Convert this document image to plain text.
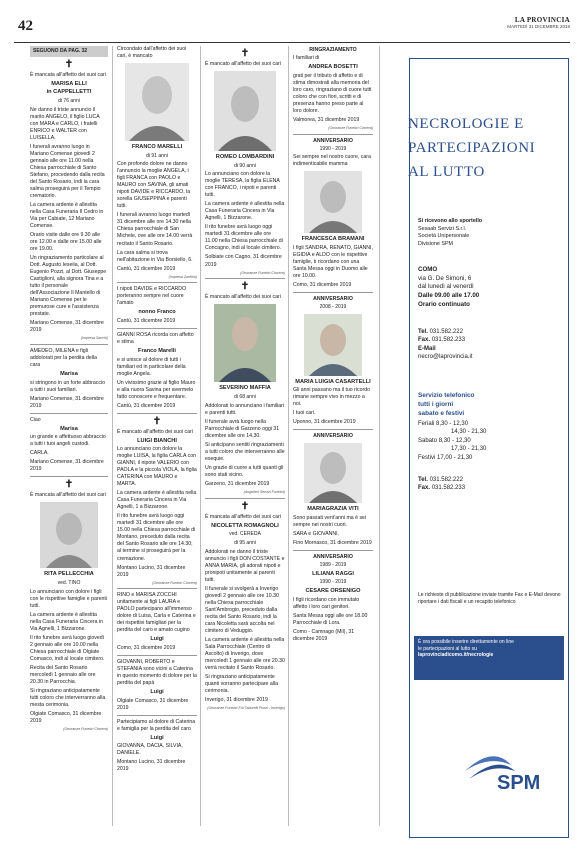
42	LA PROVINCIA
MARTEDÌ 31 DICEMBRE 2019
SEGUONO DA PAG. 32
✝

È mancata all'affetto dei suoi cari

MARISA ELLI
in CAPPELLETTI
di 76 anni

Ne danno il triste annuncio il marito ANGELO, il figlio LUCA con MARA e CARLO, i fratelli ENRICO e WALTER con LUISELLA.

I funerali avranno luogo in Mariano Comense giovedì 2 gennaio alle ore 11.00 nella Chiesa parrocchiale di Santo Stefano, procedendo dalla recita del Santo Rosario, indi la cara salma proseguirà per il Tempio crematorio.

La camera ardente è allestita nella Casa Funeraria Il Cedro in Via per Cabiate, 12 Mariano Comense.

Orario visite dalle ore 9.30 alle ore 12.00 e dalle ore 15.00 alle ore 19.00.

Un ringraziamento particolare al Dott. Augusto Ieseila, al Dott. Eugenio Pozzi, al Dott. Giuseppe Castiglioni, alla signora Tina e a tutto il personale dell'Associazione Il Mantello di Mariano Comense per le premurose cure e l'assistenza prestate.

Mariano Comense, 31 dicembre 2019

(Impresa Sacchi)

AMEDEO, MILENA e figli addolorati per la perdita della cara

Marisa

si stringono in un forte abbraccio a tutti i suoi familiari.

Mariano Comense, 31 dicembre 2019

Ciao

Marisa

un grande e affettuoso abbraccio a tutti i tuoi angeli custodi.

CARLA.

Mariano Comense, 31 dicembre 2019

✝

È mancata all'affetto dei suoi cari

RITA PELLECCHIA
ved. TINO

Lo annunciano con dolore i figli con le rispettive famiglie e parenti tutti.

La camera ardente è allestita nella Casa Funeraria Cincera in Via Agnelli, 1 Bizzarone.

Il rito funebre avrà luogo giovedì 2 gennaio alle ore 10.00 nella Chiesa parrocchiale di Olgiate Comasco, indi al locale cimitero.

Recita del Santo Rosario mercoledì 1 gennaio alle ore 20.30 in Parrocchia.

Si ringraziano anticipatamente tutti coloro che interverranno alla mesta cerimonia.

Olgiate Comasco, 31 dicembre 2019

(Onoranze Funebri Cincera)

Circondato dall'affetto dei suoi cari, è mancato

FRANCO MARELLI
di 91 anni

Con profondo dolore ne danno l'annuncio la moglie ANGELA, i figli FRANCA con PAOLO e MAURO con SAVINA, gli amati nipoti DAVIDE e RICCARDO, la sorella GIUSEPPINA e parenti tutti.

I funerali avranno luogo martedì 31 dicembre alle ore 14.30 nella Chiesa parrocchiale di San Michele, ove alle ore 14.00 verrà recitato il Santo Rosario.

La cara salma si trova nell'abitazione in Via Borsiello, 6.

Cantù, 31 dicembre 2019

(Impresa Zanfrini)

I nipoti DAVIDE e RICCARDO porteranno sempre nel cuore l'amato

nonno Franco

Cantù, 31 dicembre 2019

GIANNI ROSA ricorda con affetto e stima

Franco Marelli

e si unisce al dolore di tutti i familiari ed in particolare della moglie Angela.

Un vivissimo grazie al figlio Mauro e alla nuora Savina per avermelo fatto conoscere e frequentare.

Cantù, 31 dicembre 2019

✝

È mancato all'affetto dei suoi cari

LUIGI BIANCHI

Lo annunciano con dolore la moglie LUISA, la figlia CARLA con GIANNI, il nipote VALERIO con PAOLA e la piccola VIOLA, la figlia CATERINA con MAURO e MARTA.

La camera ardente è allestita nella Casa Funeraria Cincera in Via Agnelli, 1 a Bizzarone.

Il rito funebre avrà luogo oggi martedì 31 dicembre alle ore 15.00 nella Chiesa parrocchiale di Montano, preceduto dalla recita del Santo Rosario alle ore 14.30; al termine si proseguirà per la cremazione.

Montano Lucino, 31 dicembre 2019

(Onoranze Funebri Cincera)

RINO e MARISA ZOCCHI unitamente ai figli LAURA e PAOLO partecipano all'immenso dolore di Luisa, Carla e Caterina e dei rispettivi famigliari per la perdita del caro e amato cugino

Luigi

Como, 31 dicembre 2019

GIOVANNI, ROBERTO e STEFANIA sono vicini a Caterina in questo momento di dolore per la perdita del papà

Luigi

Olgiate Comasco, 31 dicembre 2019

Partecipiamo al dolore di Caterina e famiglia per la perdita del caro

Luigi

GIOVANNA, DACIA, SILVIA, DANIELE.

Montano Lucino, 31 dicembre 2019

✝

È mancato all'affetto dei suoi cari

ROMEO LOMBARDINI
di 90 anni

Lo annunciano con dolore la moglie TERESA, la figlia ELENA con FRANCO, i nipoti e parenti tutti.

La camera ardente è allestita nella Casa Funeraria Cincera in Via Agnelli, 1 Bizzarone.

Il rito funebre avrà luogo oggi martedì 31 dicembre alle ore 11.00 nella Chiesa parrocchiale di Concagno, indi al locale cimitero.

Solbiate con Cagno, 31 dicembre 2019

(Onoranze Funebri Cincera)
✝

È mancato all'affetto dei suoi cari

SEVERINO MAFFIA
di 68 anni

Addolorati lo annunciano i familiari e parenti tutti.

Il funerale avrà luogo nella Parrocchiale di Garzeno oggi 31 dicembre alle ore 14.30.

Si anticipano sentiti ringraziamenti a tutti coloro che interverranno alle esequie.

Un grazie di cuore a tutti quanti gli sono stati vicino.

Garzeno, 31 dicembre 2019

(Anghileri Servizi Funebri)
✝

È mancata all'affetto dei suoi cari

NICOLETTA ROMAGNOLI
ved. CEREDA
di 95 anni

Addolorati ne danno il triste annuncio i figli DON COSTANTE e ANNA MARIA, gli adorati nipoti e pronipoti unitamente ai parenti tutti.

Il funerale si svolgerà a Inverigo giovedì 2 gennaio alle ore 10.30 nella Chiesa parrocchiale Sant'Ambrogio, preceduto dalla recita del Santo Rosario, indi la cara Nicoletta sarà accolta nel cimitero di Veduggio.

La camera ardente è allestita nella Sala Parrocchiale (Centro di Ascolto) di Inverigo, dove mercoledì 1 gennaio alle ore 20.30 verrà recitato il Santo Rosario.

Si ringraziano anticipatamente quanti vorranno partecipare alla cerimonia.

Inverigo, 31 dicembre 2019

(Onoranze Funebri F.lli Taborelli Pozzi - Inverigo)
RINGRAZIAMENTO

I familiari di

ANDREA BOSETTI

grati per il tributo di affetto e di stima dimostrati alla memoria del loro caro, ringraziano di cuore tutti coloro che con fiori, scritti e di presenza hanno preso parte al loro dolore.

Valmorea, 31 dicembre 2019

(Onoranze Funebri Cincera)
ANNIVERSARIO
1990 - 2019

Sei sempre nel nostro cuore, cara indimenticabile mamma

FRANCESCA BRAMANI

I figli SANDRA, RENATO, GIANNI, EGIDIA e ALDO con le rispettive famiglie, ti ricordano con una Santa Messa oggi in Duomo alle ore 10.00.

Como, 31 dicembre 2019

ANNIVERSARIO
2008 - 2019
MARIA LUIGIA CASARTELLI

Gli anni passano ma il tuo ricordo rimane sempre vivo in mezzo a noi.

I tuoi cari.

Uponno, 31 dicembre 2019

ANNIVERSARIO
MARIAGRAZIA VITI

Sono passati vent'anni ma è sei sempre nei nostri cuori.

SARA e GIOVANNI.

Fino Mornasco, 31 dicembre 2019

ANNIVERSARIO
1989 - 2019
LILIANA RAGGI
1990 - 2019
CESARE ORSENIGO

I figli ricordano con immutato affetto i loro cari genitori.

Santa Messa oggi alle ore 18.00 Parrocchiale di Lora.

Como - Camnago (Mil), 31 dicembre 2019

NECROLOGIE E
PARTECIPAZIONI
AL LUTTO
Si ricevono allo sportello
Sesaab Servizi S.r.l.
Società Unipersonale
Divisione SPM
COMO
via G. De Simoni, 6
dal lunedì al venerdì
Dalle 09.00 alle 17.00
Orario continuato
Tel. 031.582.222
Fax. 031.582.233
E-Mail
necro@laprovincia.it
Servizio telefonico
tutti i giorni
sabato e festivi
Feriali 8,30 - 12,30
14,30 - 21,30
Sabato 8,30 - 12,30
17,30 - 21,30
Festivi 17,00 - 21,30
Tel. 031.582.222
Fax. 031.582.233
Le richieste di pubblicazione inviate tramite Fax e E-Mail devono riportare i dati fiscali e un recapito telefonico
È ora possibile inserire direttamente on line
le partecipazioni al lutto su
laprovinciadicomo.it/necrologie
SPM
